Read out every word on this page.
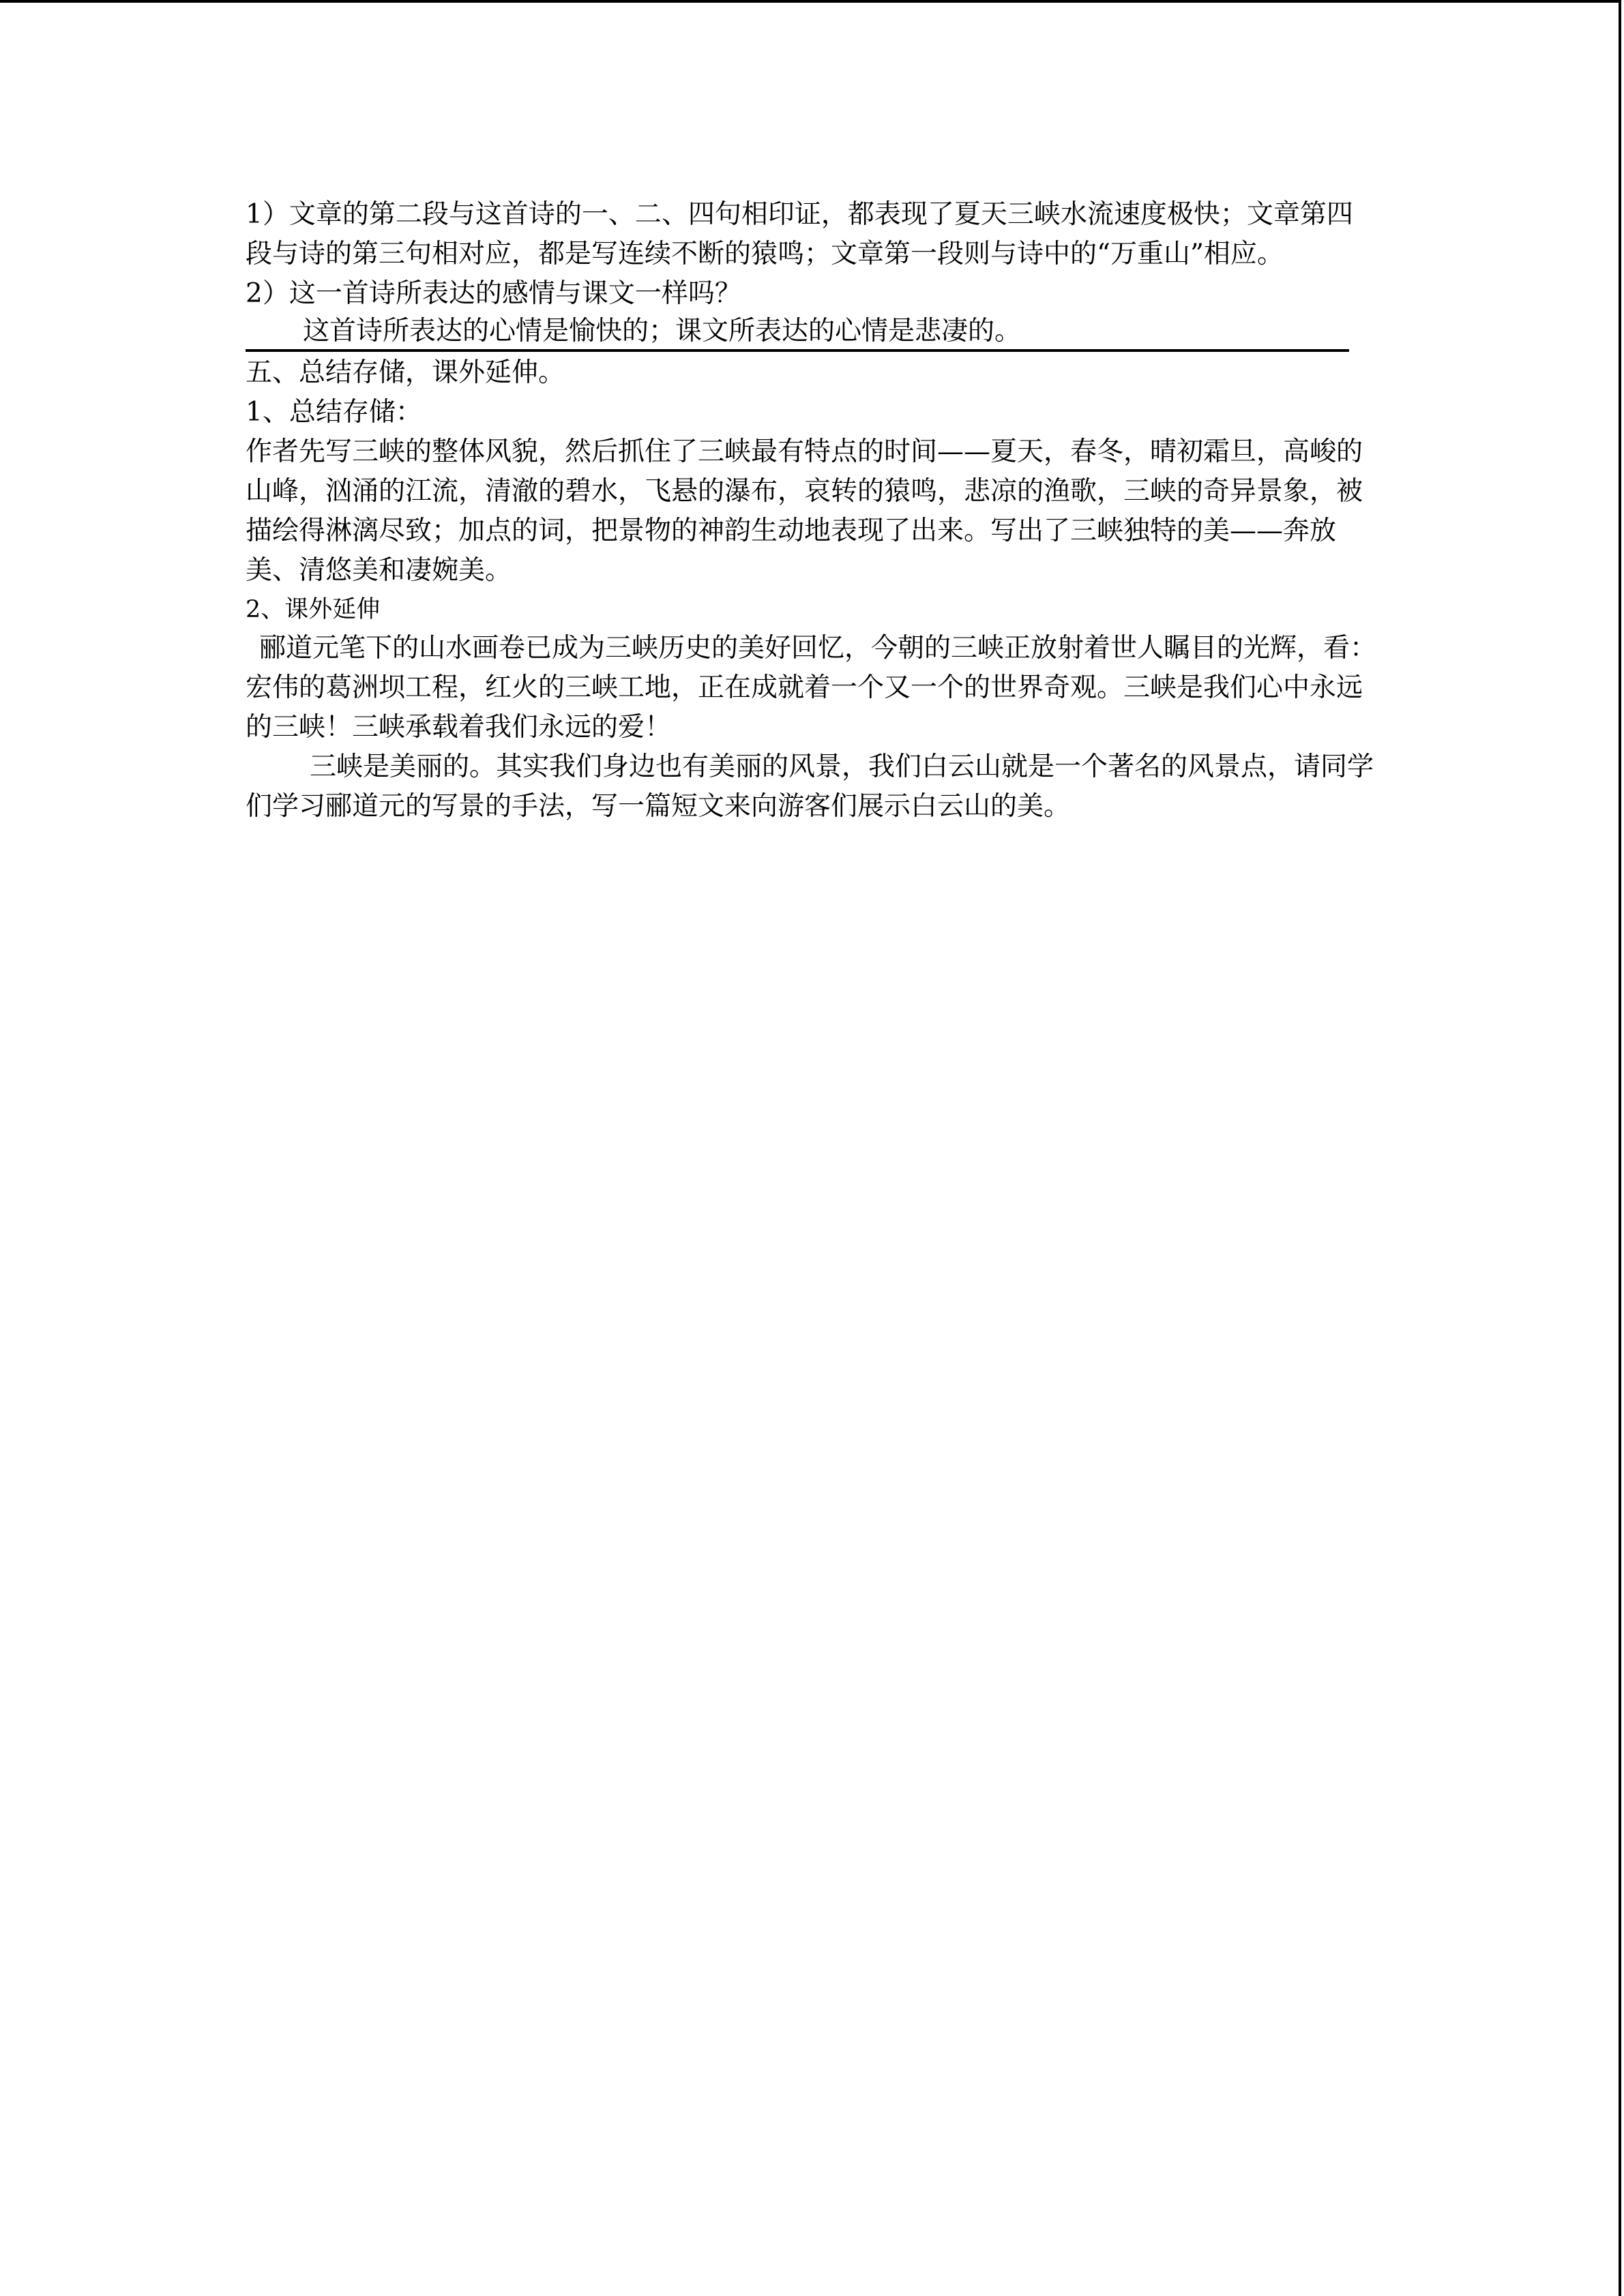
1）文章的第二段与这首诗的一、二、四句相印证，都表现了夏天三峡水流速度极快；文章第四段与诗的第三句相对应，都是写连续不断的猿鸣；文章第一段则与诗中的“万重山”相应。

2）这一首诗所表达的感情与课文一样吗？

这首诗所表达的心情是愉快的；课文所表达的心情是悲凄的。

五、总结存储，课外延伸。

1、总结存储：

作者先写三峡的整体风貌，然后抓住了三峡最有特点的时间——夏天，春冬，晴初霜旦，高峻的山峰，汹涌的江流，清澈的碧水，飞悬的瀑布，哀转的猿鸣，悲凉的渔歌，三峡的奇异景象，被描绘得淋漓尽致；加点的词，把景物的神韵生动地表现了出来。写出了三峡独特的美——奔放美、清悠美和凄婉美。

2、课外延伸

郦道元笔下的山水画卷已成为三峡历史的美好回忆，今朝的三峡正放射着世人瞩目的光辉，看：宏伟的葛洲坝工程，红火的三峡工地，正在成就着一个又一个的世界奇观。三峡是我们心中永远的三峡！三峡承载着我们永远的爱！

三峡是美丽的。其实我们身边也有美丽的风景，我们白云山就是一个著名的风景点，请同学们学习郦道元的写景的手法，写一篇短文来向游客们展示白云山的美。
